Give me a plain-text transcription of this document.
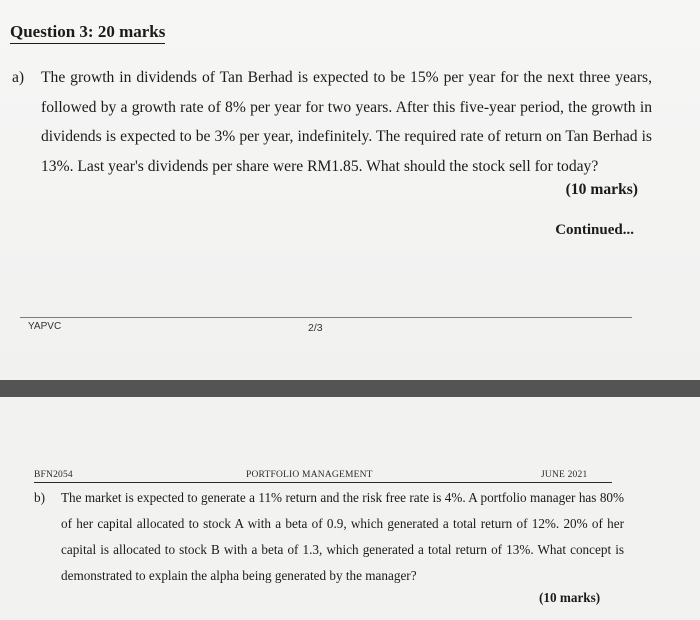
Question 3: 20 marks
a) The growth in dividends of Tan Berhad is expected to be 15% per year for the next three years, followed by a growth rate of 8% per year for two years. After this five-year period, the growth in dividends is expected to be 3% per year, indefinitely. The required rate of return on Tan Berhad is 13%. Last year's dividends per share were RM1.85. What should the stock sell for today?
(10 marks)
Continued...
YAPVC	2/3
BFN2054	PORTFOLIO MANAGEMENT	JUNE 2021
b) The market is expected to generate a 11% return and the risk free rate is 4%. A portfolio manager has 80% of her capital allocated to stock A with a beta of 0.9, which generated a total return of 12%. 20% of her capital is allocated to stock B with a beta of 1.3, which generated a total return of 13%. What concept is demonstrated to explain the alpha being generated by the manager?
(10 marks)
